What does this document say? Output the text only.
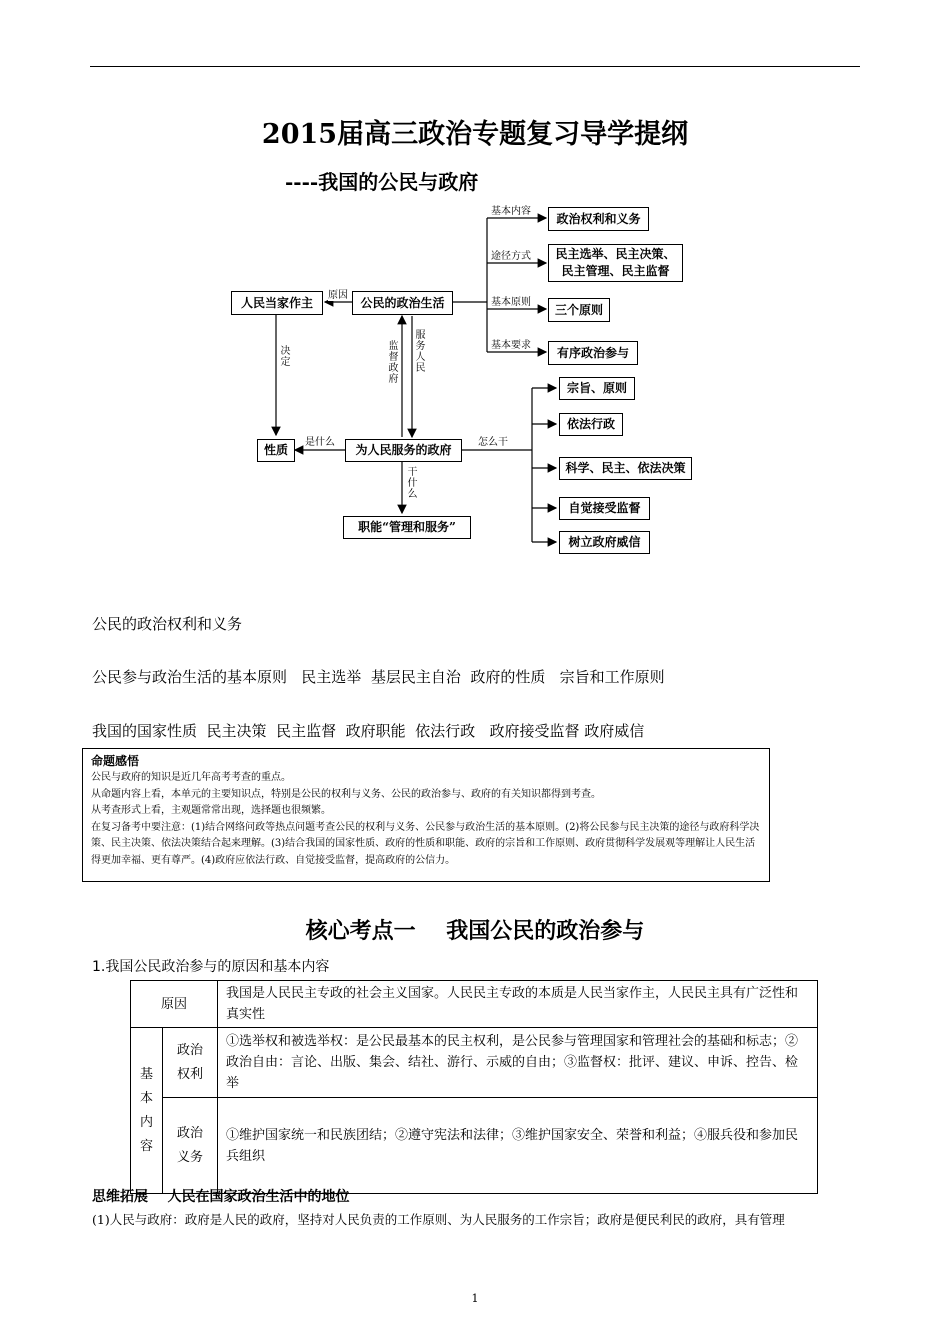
2015届高三政治专题复习导学提纲
----我国的公民与政府
人民当家作主	原因	公民的政治生活
基本内容	政治权利和义务
途径方式 民主选举、民主决策、
民主管理、民主监督
基本原则	三个原则
基本要求	有序政治参与
决定
监督政府
服务人民
性质
是什么
为人民服务的政府
怎么干
干什么
职能“管理和服务”
宗旨、原则
依法行政
科学、民主、依法决策
自觉接受监督
树立政府威信
公民的政治权利和义务
公民参与政治生活的基本原则   民主选举  基层民主自治  政府的性质   宗旨和工作原则
我国的国家性质  民主决策  民主监督  政府职能  依法行政   政府接受监督 政府威信
命题感悟

公民与政府的知识是近几年高考考查的重点。

从命题内容上看，本单元的主要知识点，特别是公民的权利与义务、公民的政治参与、政府的有关知识都得到考查。

从考查形式上看，主观题常常出现，选择题也很频繁。

在复习备考中要注意：(1)结合网络问政等热点问题考查公民的权利与义务、公民参与政治生活的基本原则。(2)将公民参与民主决策的途径与政府科学决策、民主决策、依法决策结合起来理解。(3)结合我国的国家性质、政府的性质和职能、政府的宗旨和工作原则、政府贯彻科学发展观等理解让人民生活得更加幸福、更有尊严。(4)政府应依法行政、自觉接受监督，提高政府的公信力。

核心考点一    我国公民的政治参与
1.我国公民政治参与的原因和基本内容
原因		我国是人民民主专政的社会主义国家。人民民主专政的本质是人民当家作主，人民民主具有广泛性和真实性
基本内容	政治权利	①选举权和被选举权：是公民最基本的民主权利，是公民参与管理国家和管理社会的基础和标志；②政治自由：言论、出版、集会、结社、游行、示威的自由；③监督权：批评、建议、申诉、控告、检举
	政治义务	①维护国家统一和民族团结；②遵守宪法和法律；③维护国家安全、荣誉和利益；④服兵役和参加民兵组织
思维拓展    人民在国家政治生活中的地位
(1)人民与政府：政府是人民的政府，坚持对人民负责的工作原则、为人民服务的工作宗旨；政府是便民利民的政府，具有管理
1
